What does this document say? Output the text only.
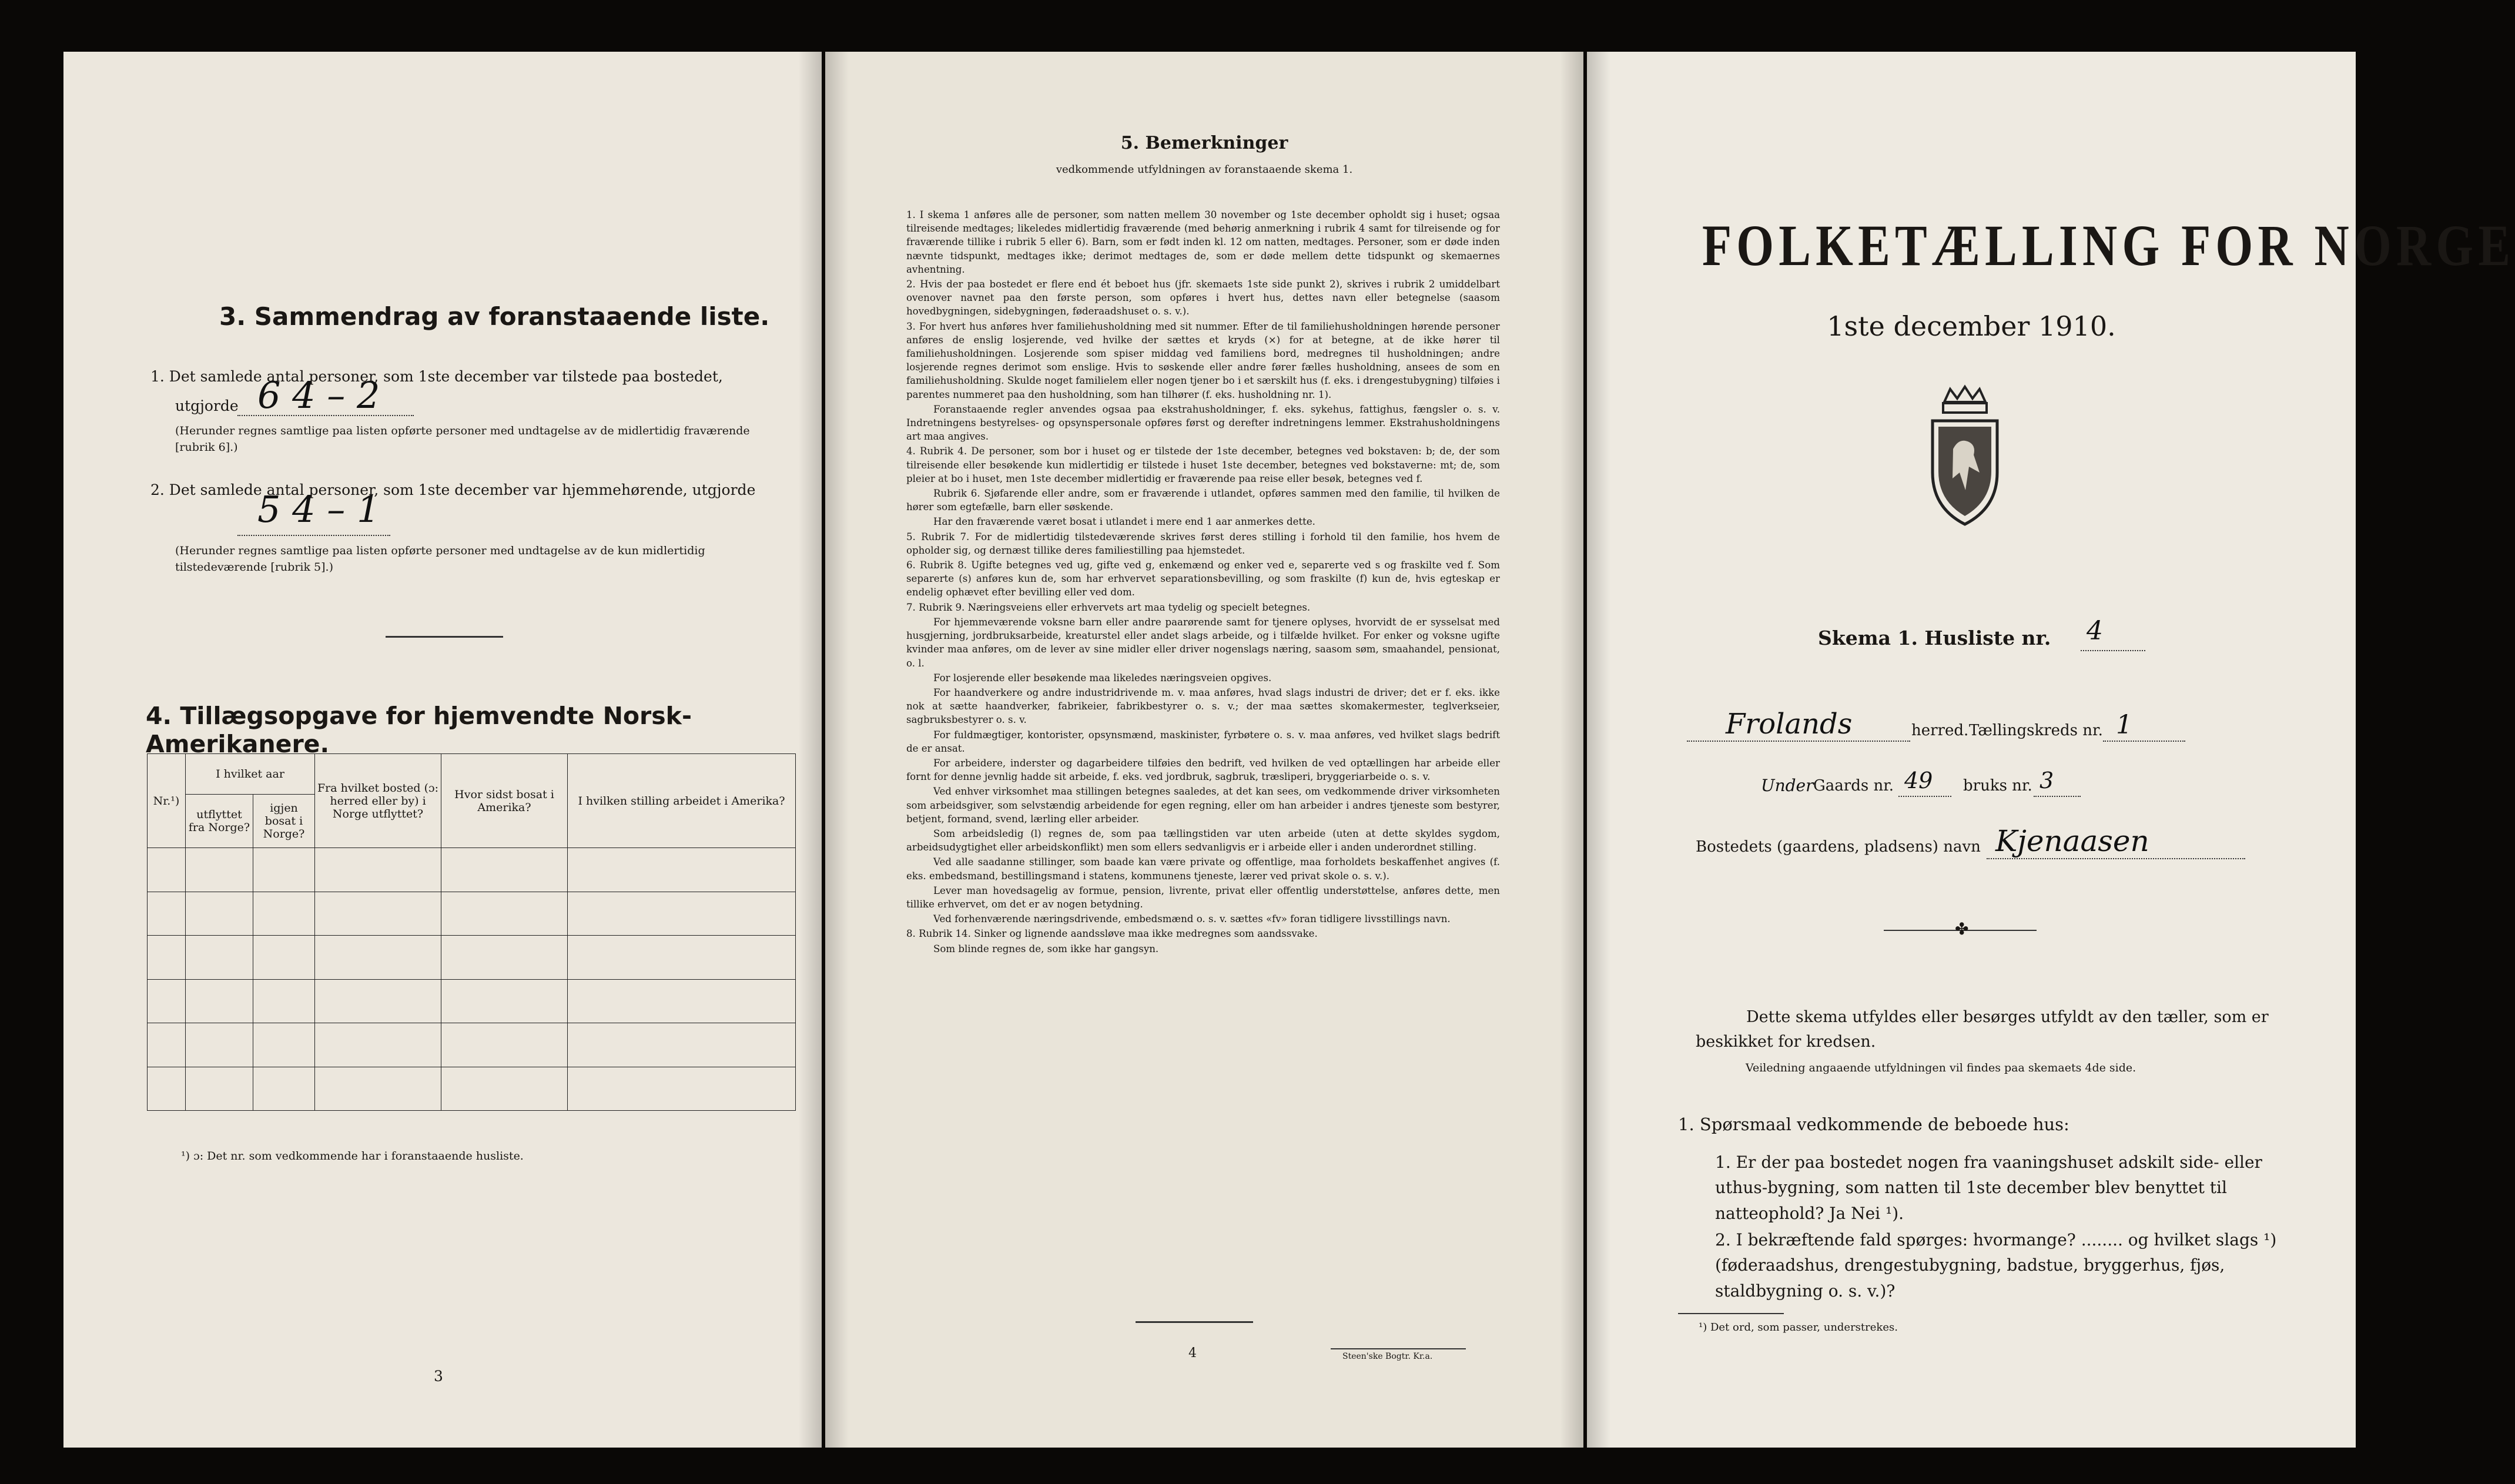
3. Sammendrag av foranstaaende liste.
1. Det samlede antal personer, som 1ste december var tilstede paa bostedet,
utgjorde 6 4 – 2
(Herunder regnes samtlige paa listen opførte personer med undtagelse av de midlertidig fraværende [rubrik 6].)
2. Det samlede antal personer, som 1ste december var hjemmehørende, utgjorde
5 4 – 1
(Herunder regnes samtlige paa listen opførte personer med undtagelse av de kun midlertidig tilstedeværende [rubrik 5].)
4. Tillægsopgave for hjemvendte Norsk-Amerikanere.
Nr.¹)	I hvilket aar		Fra hvilket bosted (ɔ: herred eller by) i Norge utflyttet?	Hvor sidst bosat i Amerika?	I hvilken stilling arbeidet i Amerika?
	utflyttet fra Norge?	igjen bosat i Norge?			

¹) ɔ: Det nr. som vedkommende har i foranstaaende husliste.
3
5. Bemerkninger
vedkommende utfyldningen av foranstaaende skema 1.

1. I skema 1 anføres alle de personer, som natten mellem 30 november og 1ste december opholdt sig i huset; ogsaa tilreisende medtages; likeledes midlertidig fraværende (med behørig anmerkning i rubrik 4 samt for tilreisende og for fraværende tillike i rubrik 5 eller 6). Barn, som er født inden kl. 12 om natten, medtages. Personer, som er døde inden nævnte tidspunkt, medtages ikke; derimot medtages de, som er døde mellem dette tidspunkt og skemaernes avhentning.

2. Hvis der paa bostedet er flere end ét beboet hus (jfr. skemaets 1ste side punkt 2), skrives i rubrik 2 umiddelbart ovenover navnet paa den første person, som opføres i hvert hus, dettes navn eller betegnelse (saasom hovedbygningen, sidebygningen, føderaadshuset o. s. v.).

3. For hvert hus anføres hver familiehusholdning med sit nummer. Efter de til familiehusholdningen hørende personer anføres de enslig losjerende, ved hvilke der sættes et kryds (×) for at betegne, at de ikke hører til familiehusholdningen. Losjerende som spiser middag ved familiens bord, medregnes til husholdningen; andre losjerende regnes derimot som enslige. Hvis to søskende eller andre fører fælles husholdning, ansees de som en familiehusholdning. Skulde noget familielem eller nogen tjener bo i et særskilt hus (f. eks. i drengestubygning) tilføies i parentes nummeret paa den husholdning, som han tilhører (f. eks. husholdning nr. 1).

Foranstaaende regler anvendes ogsaa paa ekstrahusholdninger, f. eks. sykehus, fattighus, fængsler o. s. v. Indretningens bestyrelses- og opsynspersonale opføres først og derefter indretningens lemmer. Ekstrahusholdningens art maa angives.

4. Rubrik 4. De personer, som bor i huset og er tilstede der 1ste december, betegnes ved bokstaven: b; de, der som tilreisende eller besøkende kun midlertidig er tilstede i huset 1ste december, betegnes ved bokstaverne: mt; de, som pleier at bo i huset, men 1ste december midlertidig er fraværende paa reise eller besøk, betegnes ved f.

Rubrik 6. Sjøfarende eller andre, som er fraværende i utlandet, opføres sammen med den familie, til hvilken de hører som egtefælle, barn eller søskende.

Har den fraværende været bosat i utlandet i mere end 1 aar anmerkes dette.

5. Rubrik 7. For de midlertidig tilstedeværende skrives først deres stilling i forhold til den familie, hos hvem de opholder sig, og dernæst tillike deres familiestilling paa hjemstedet.

6. Rubrik 8. Ugifte betegnes ved ug, gifte ved g, enkemænd og enker ved e, separerte ved s og fraskilte ved f. Som separerte (s) anføres kun de, som har erhvervet separationsbevilling, og som fraskilte (f) kun de, hvis egteskap er endelig ophævet efter bevilling eller ved dom.

7. Rubrik 9. Næringsveiens eller erhvervets art maa tydelig og specielt betegnes.

For hjemmeværende voksne barn eller andre paarørende samt for tjenere oplyses, hvorvidt de er sysselsat med husgjerning, jordbruksarbeide, kreaturstel eller andet slags arbeide, og i tilfælde hvilket. For enker og voksne ugifte kvinder maa anføres, om de lever av sine midler eller driver nogenslags næring, saasom søm, smaahandel, pensionat, o. l.

For losjerende eller besøkende maa likeledes næringsveien opgives.

For haandverkere og andre industridrivende m. v. maa anføres, hvad slags industri de driver; det er f. eks. ikke nok at sætte haandverker, fabrikeier, fabrikbestyrer o. s. v.; der maa sættes skomakermester, teglverkseier, sagbruksbestyrer o. s. v.

For fuldmægtiger, kontorister, opsynsmænd, maskinister, fyrbøtere o. s. v. maa anføres, ved hvilket slags bedrift de er ansat.

For arbeidere, inderster og dagarbeidere tilføies den bedrift, ved hvilken de ved optællingen har arbeide eller fornt for denne jevnlig hadde sit arbeide, f. eks. ved jordbruk, sagbruk, træsliperi, bryggeriarbeide o. s. v.

Ved enhver virksomhet maa stillingen betegnes saaledes, at det kan sees, om vedkommende driver virksomheten som arbeidsgiver, som selvstændig arbeidende for egen regning, eller om han arbeider i andres tjeneste som bestyrer, betjent, formand, svend, lærling eller arbeider.

Som arbeidsledig (l) regnes de, som paa tællingstiden var uten arbeide (uten at dette skyldes sygdom, arbeidsudygtighet eller arbeidskonflikt) men som ellers sedvanligvis er i arbeide eller i anden underordnet stilling.

Ved alle saadanne stillinger, som baade kan være private og offentlige, maa forholdets beskaffenhet angives (f. eks. embedsmand, bestillingsmand i statens, kommunens tjeneste, lærer ved privat skole o. s. v.).

Lever man hovedsagelig av formue, pension, livrente, privat eller offentlig understøttelse, anføres dette, men tillike erhvervet, om det er av nogen betydning.

Ved forhenværende næringsdrivende, embedsmænd o. s. v. sættes «fv» foran tidligere livsstillings navn.

8. Rubrik 14. Sinker og lignende aandssløve maa ikke medregnes som aandssvake.

Som blinde regnes de, som ikke har gangsyn.

4	Steen'ske Bogtr. Kr.a.
FOLKETÆLLING FOR NORGE
1ste december 1910.
Skema 1. Husliste nr. 4
Frolands	herred. Tællingskreds nr. 1
Under Gaards nr. 49 bruks nr. 3
Bostedets (gaardens, pladsens) navn Kjenaasen
✤
Dette skema utfyldes eller besørges utfyldt av den tæller, som er beskikket for kredsen.
Veiledning angaaende utfyldningen vil findes paa skemaets 4de side.
1. Spørsmaal vedkommende de beboede hus:
1. Er der paa bostedet nogen fra vaaningshuset adskilt side- eller uthus-bygning, som natten til 1ste december blev benyttet til natteophold? Ja Nei ¹).
2. I bekræftende fald spørges: hvormange? ........ og hvilket slags ¹) (føderaadshus, drengestubygning, badstue, bryggerhus, fjøs, staldbygning o. s. v.)?
¹) Det ord, som passer, understrekes.
